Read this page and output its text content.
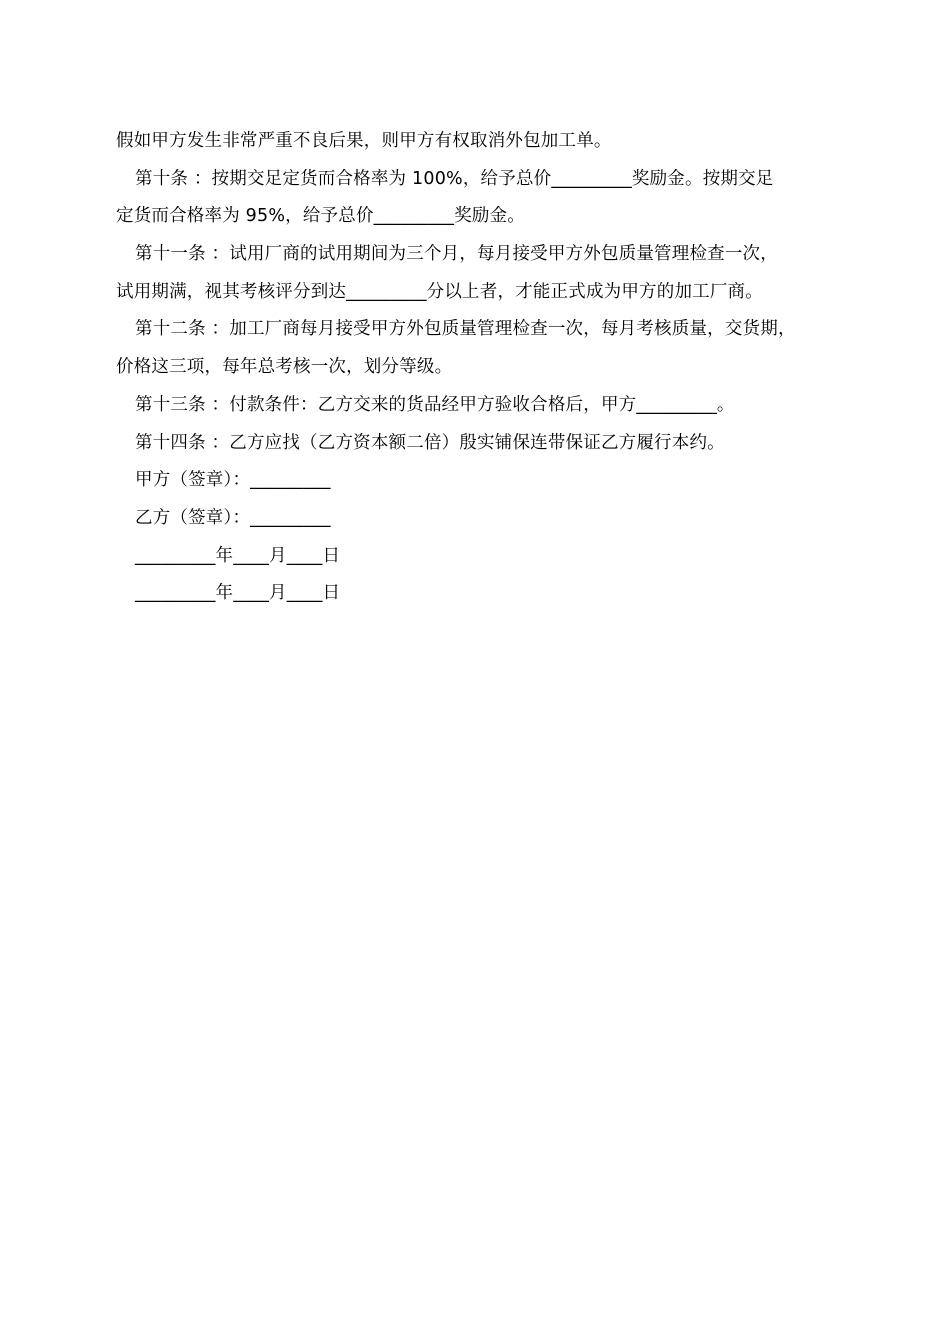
假如甲方发生非常严重不良后果，则甲方有权取消外包加工单。
第十条 ：按期交足定货而合格率为 100%，给予总价_________奖励金。按期交足
定货而合格率为 95%，给予总价_________奖励金。
第十一条 ：试用厂商的试用期间为三个月，每月接受甲方外包质量管理检查一次，
试用期满，视其考核评分到达_________分以上者，才能正式成为甲方的加工厂商。
第十二条 ：加工厂商每月接受甲方外包质量管理检查一次，每月考核质量，交货期，
价格这三项，每年总考核一次，划分等级。
第十三条 ：付款条件：乙方交来的货品经甲方验收合格后，甲方_________。
第十四条 ：乙方应找（乙方资本额二倍）殷实铺保连带保证乙方履行本约。
甲方（签章）：_________
乙方（签章）：_________
_________年____月____日
_________年____月____日
